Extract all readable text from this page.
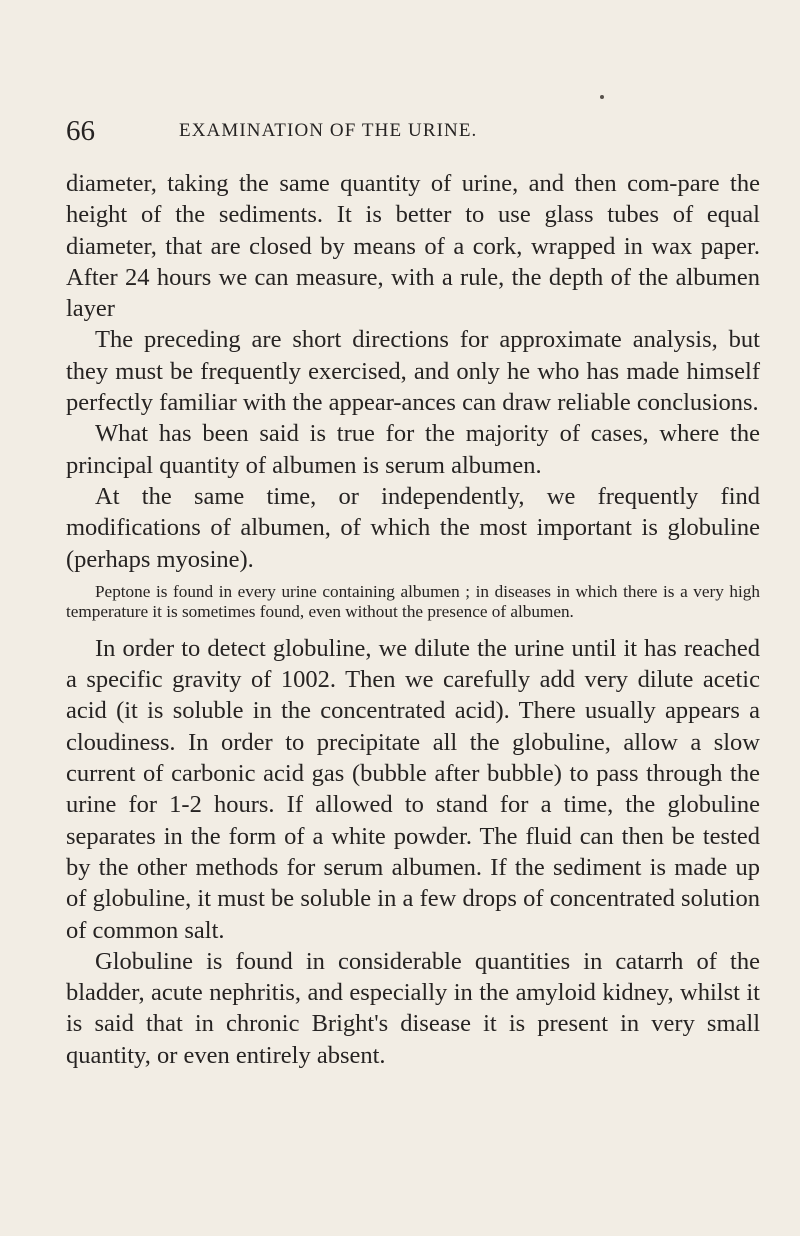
66	EXAMINATION OF THE URINE.

diameter, taking the same quantity of urine, and then com-pare the height of the sediments. It is better to use glass tubes of equal diameter, that are closed by means of a cork, wrapped in wax paper. After 24 hours we can measure, with a rule, the depth of the albumen layer

The preceding are short directions for approximate analysis, but they must be frequently exercised, and only he who has made himself perfectly familiar with the appear-ances can draw reliable conclusions.

What has been said is true for the majority of cases, where the principal quantity of albumen is serum albumen.

At the same time, or independently, we frequently find modifications of albumen, of which the most important is globuline (perhaps myosine).

Peptone is found in every urine containing albumen ; in diseases in which there is a very high temperature it is sometimes found, even without the presence of albumen.

In order to detect globuline, we dilute the urine until it has reached a specific gravity of 1002. Then we carefully add very dilute acetic acid (it is soluble in the concentrated acid). There usually appears a cloudiness. In order to precipitate all the globuline, allow a slow current of carbonic acid gas (bubble after bubble) to pass through the urine for 1-2 hours. If allowed to stand for a time, the globuline separates in the form of a white powder. The fluid can then be tested by the other methods for serum albumen. If the sediment is made up of globuline, it must be soluble in a few drops of concentrated solution of common salt.

Globuline is found in considerable quantities in catarrh of the bladder, acute nephritis, and especially in the amyloid kidney, whilst it is said that in chronic Bright's disease it is present in very small quantity, or even entirely absent.
